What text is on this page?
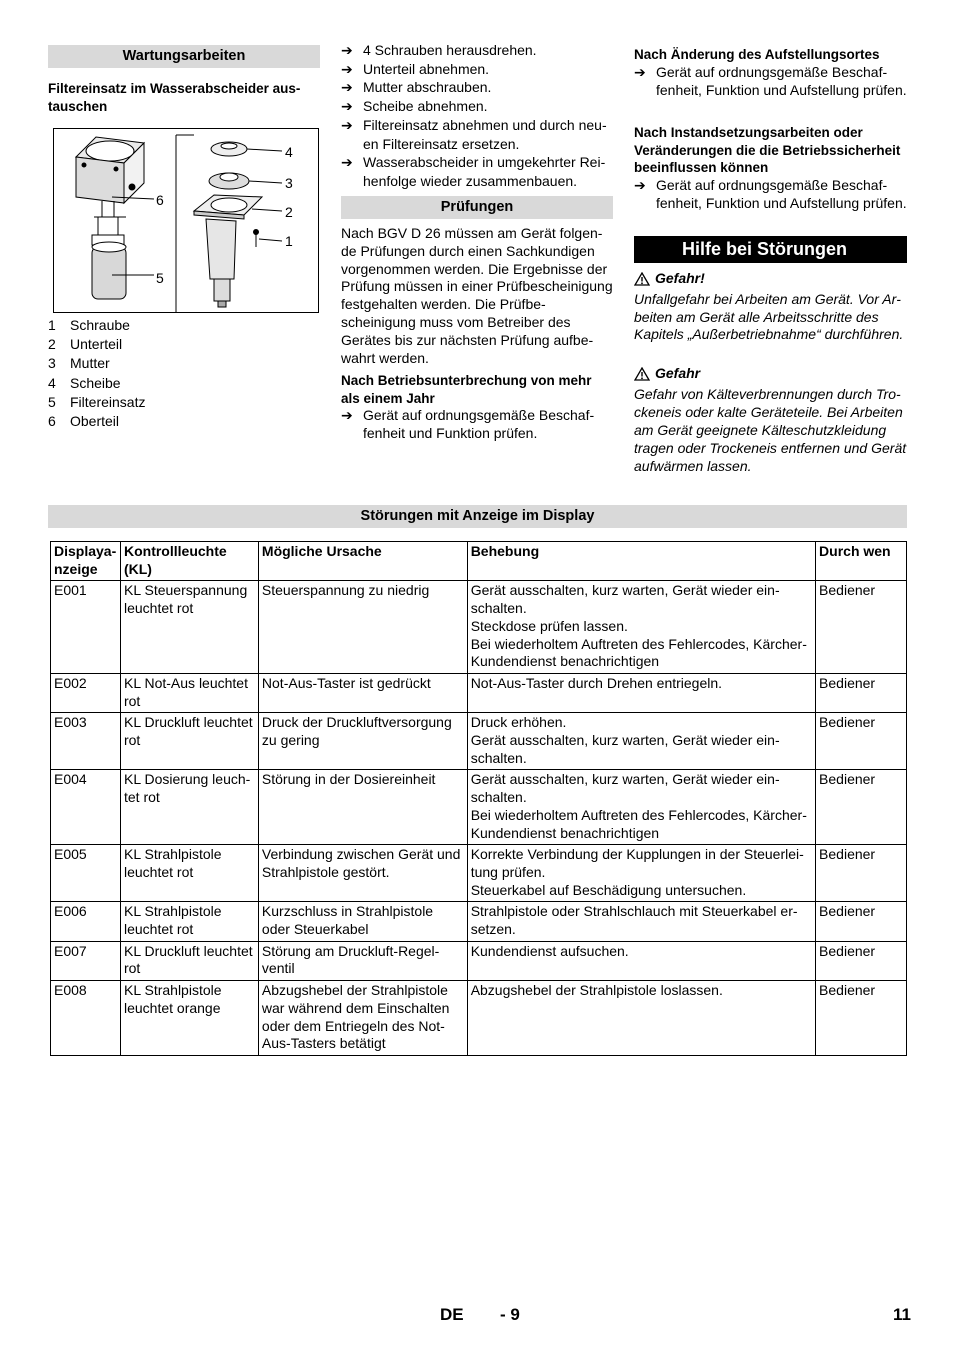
Wartungsarbeiten
Filtereinsatz im Wasserabscheider austauschen
4
3
2
1
6
5
1	Schraube
2	Unterteil
3	Mutter
4	Scheibe
5	Filtereinsatz
6	Oberteil
➔ 4 Schrauben herausdrehen.
➔ Unterteil abnehmen.
➔ Mutter abschrauben.
➔ Scheibe abnehmen.
➔ Filtereinsatz abnehmen und durch neuen Filtereinsatz ersetzen.
➔ Wasserabscheider in umgekehrter Reihenfolge wieder zusammenbauen.
Prüfungen

Nach BGV D 26 müssen am Gerät folgende Prüfungen durch einen Sachkundigen vorgenommen werden. Die Ergebnisse der Prüfung müssen in einer Prüfbescheinigung festgehalten werden. Die Prüfbescheinigung muss vom Betreiber des Gerätes bis zur nächsten Prüfung aufbewahrt werden.

Nach Betriebsunterbrechung von mehr als einem Jahr
➔ Gerät auf ordnungsgemäße Beschaffenheit und Funktion prüfen.
Nach Änderung des Aufstellungsortes
➔ Gerät auf ordnungsgemäße Beschaffenheit, Funktion und Aufstellung prüfen.
Nach Instandsetzungsarbeiten oder Veränderungen die die Betriebssicherheit beeinflussen können
➔ Gerät auf ordnungsgemäße Beschaffenheit, Funktion und Aufstellung prüfen.
Hilfe bei Störungen
Gefahr!

Unfallgefahr bei Arbeiten am Gerät. Vor Arbeiten am Gerät alle Arbeitsschritte des Kapitels „Außerbetriebnahme“ durchführen.

Gefahr

Gefahr von Kälteverbrennungen durch Trockeneis oder kalte Geräteteile. Bei Arbeiten am Gerät geeignete Kälteschutzkleidung tragen oder Trockeneis entfernen und Gerät aufwärmen lassen.

Störungen mit Anzeige im Display
Displayanzeige	Kontrollleuchte (KL)	Mögliche Ursache	Behebung	Durch wen
E001	KL Steuerspannung leuchtet rot	Steuerspannung zu niedrig	Gerät ausschalten, kurz warten, Gerät wieder einschalten.
Steckdose prüfen lassen.
Bei wiederholtem Auftreten des Fehlercodes, Kärcher-Kundendienst benachrichtigen	Bediener
E002	KL Not-Aus leuchtet rot	Not-Aus-Taster ist gedrückt	Not-Aus-Taster durch Drehen entriegeln.	Bediener
E003	KL Druckluft leuchtet rot	Druck der Druckluftversorgung zu gering	Druck erhöhen.
Gerät ausschalten, kurz warten, Gerät wieder einschalten.	Bediener
E004	KL Dosierung leuchtet rot	Störung in der Dosiereinheit	Gerät ausschalten, kurz warten, Gerät wieder einschalten.
Bei wiederholtem Auftreten des Fehlercodes, Kärcher-Kundendienst benachrichtigen	Bediener
E005	KL Strahlpistole leuchtet rot	Verbindung zwischen Gerät und Strahlpistole gestört.	Korrekte Verbindung der Kupplungen in der Steuerleitung prüfen.
Steuerkabel auf Beschädigung untersuchen.	Bediener
E006	KL Strahlpistole leuchtet rot	Kurzschluss in Strahlpistole oder Steuerkabel	Strahlpistole oder Strahlschlauch mit Steuerkabel ersetzen.	Bediener
E007	KL Druckluft leuchtet rot	Störung am Druckluft-Regelventil	Kundendienst aufsuchen.	Bediener
E008	KL Strahlpistole leuchtet orange	Abzugshebel der Strahlpistole war während dem Einschalten oder dem Entriegeln des Not-Aus-Tasters betätigt	Abzugshebel der Strahlpistole loslassen.	Bediener
DE - 9	11
